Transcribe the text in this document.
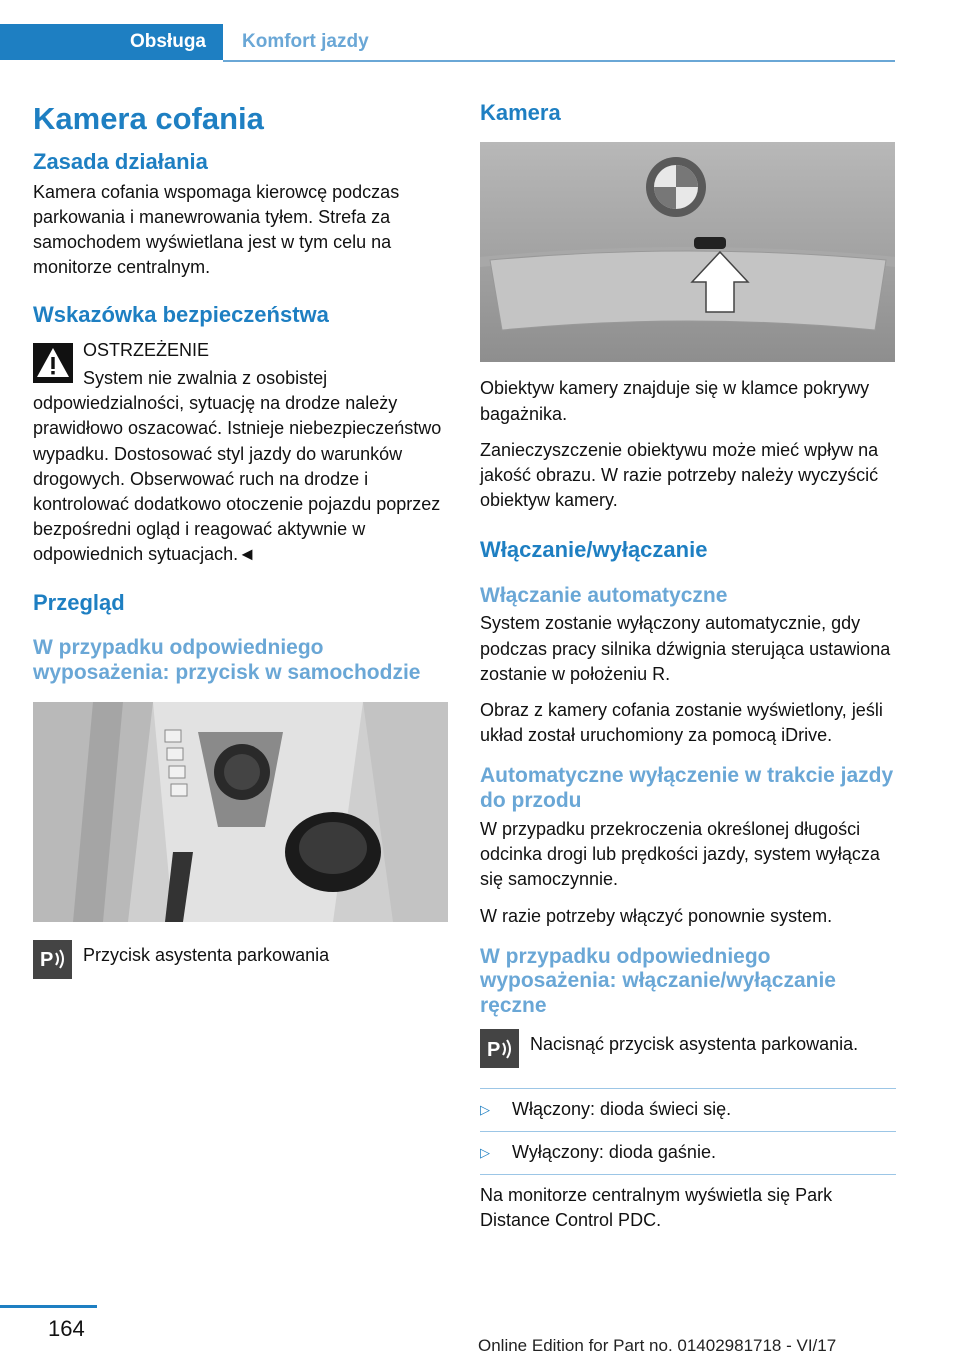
Obsługa Komfort jazdy
Kamera cofania
Zasada działania

Kamera cofania wspomaga kierowcę podczas parkowania i manewrowania tyłem. Strefa za samochodem wyświetlana jest w tym celu na monitorze centralnym.

Wskazówka bezpieczeństwa
OSTRZEŻENIE

System nie zwalnia z osobistej odpowiedzialności, sytuację na drodze należy prawidłowo oszacować. Istnieje niebezpieczeństwo wypadku. Dostosować styl jazdy do warunków drogowych. Obserwować ruch na drodze i kontrolować dodatkowo otoczenie pojazdu poprzez bezpośredni ogląd i reagować aktywnie w odpowiednich sytuacjach.◄

Przegląd
W przypadku odpowiedniego wyposażenia: przycisk w samochodzie
P Przycisk asystenta parkowania
Kamera

Obiektyw kamery znajduje się w klamce pokrywy bagażnika.

Zanieczyszczenie obiektywu może mieć wpływ na jakość obrazu. W razie potrzeby należy wyczyścić obiektyw kamery.

Włączanie/wyłączanie
Włączanie automatyczne

System zostanie wyłączony automatycznie, gdy podczas pracy silnika dźwignia sterująca ustawiona zostanie w położeniu R.

Obraz z kamery cofania zostanie wyświetlony, jeśli układ został uruchomiony za pomocą iDrive.

Automatyczne wyłączenie w trakcie jazdy do przodu

W przypadku przekroczenia określonej długości odcinka drogi lub prędkości jazdy, system wyłącza się samoczynnie.

W razie potrzeby włączyć ponownie system.

W przypadku odpowiedniego wyposażenia: włączanie/wyłączanie ręczne
P Nacisnąć przycisk asystenta parkowania.
▷	Włączony: dioda świeci się.
▷	Wyłączony: dioda gaśnie.

Na monitorze centralnym wyświetla się Park Distance Control PDC.

164
Online Edition for Part no. 01402981718 - VI/17
